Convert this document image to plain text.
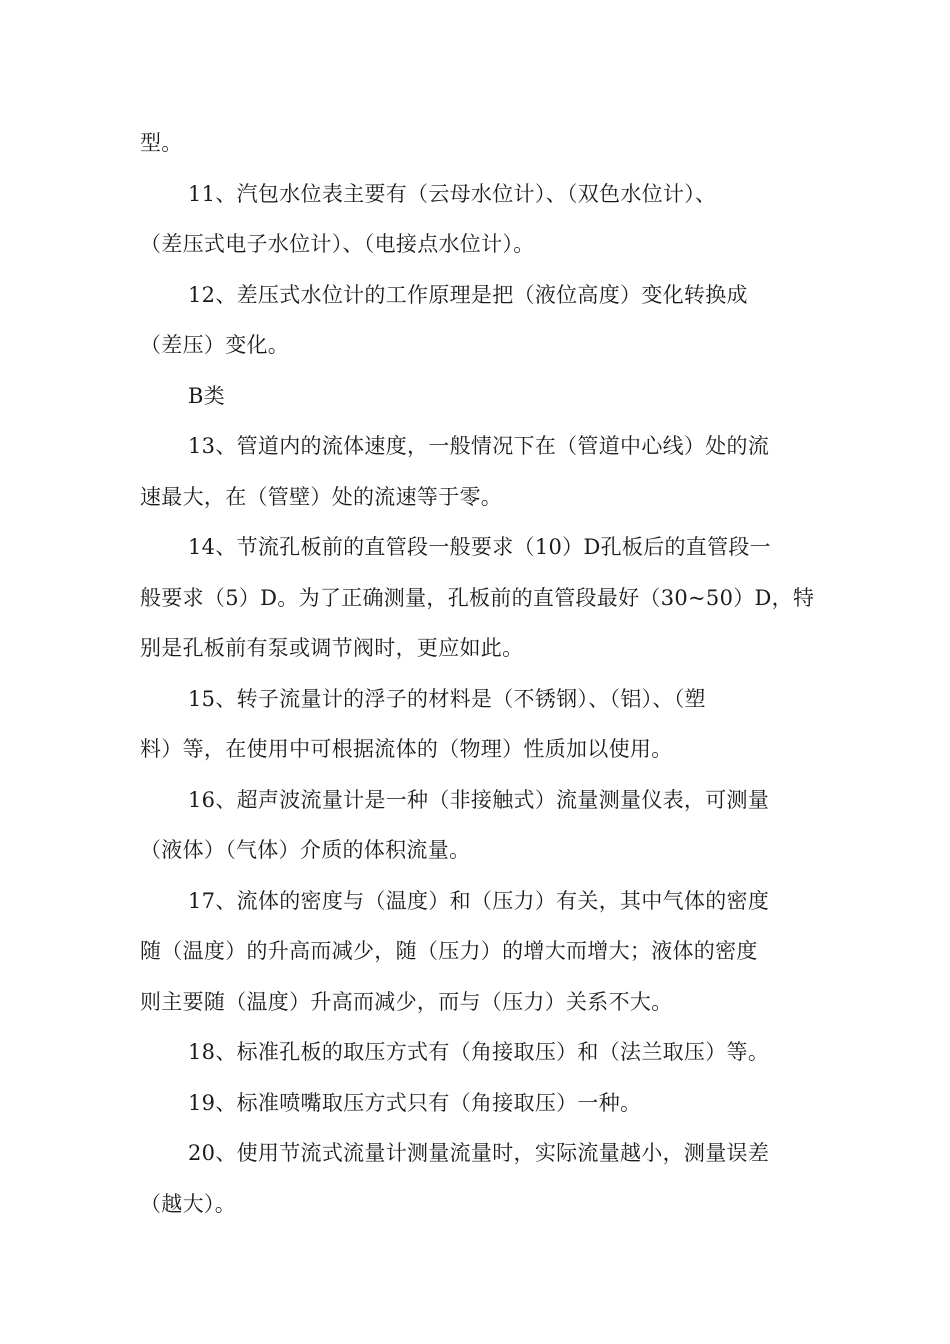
型。
11、汽包水位表主要有（云母水位计）、（双色水位计）、
（差压式电子水位计）、（电接点水位计）。
12、差压式水位计的工作原理是把（液位高度）变化转换成
（差压）变化。
B类
13、管道内的流体速度，一般情况下在（管道中心线）处的流
速最大，在（管壁）处的流速等于零。
14、节流孔板前的直管段一般要求（10）D孔板后的直管段一
般要求（5）D。为了正确测量，孔板前的直管段最好（30~50）D，特
别是孔板前有泵或调节阀时，更应如此。
15、转子流量计的浮子的材料是（不锈钢）、（铝）、（塑
料）等，在使用中可根据流体的（物理）性质加以使用。
16、超声波流量计是一种（非接触式）流量测量仪表，可测量
（液体）（气体）介质的体积流量。
17、流体的密度与（温度）和（压力）有关，其中气体的密度
随（温度）的升高而减少，随（压力）的增大而增大；液体的密度
则主要随（温度）升高而减少，而与（压力）关系不大。
18、标准孔板的取压方式有（角接取压）和（法兰取压）等。
19、标准喷嘴取压方式只有（角接取压）一种。
20、使用节流式流量计测量流量时，实际流量越小，测量误差
（越大）。
